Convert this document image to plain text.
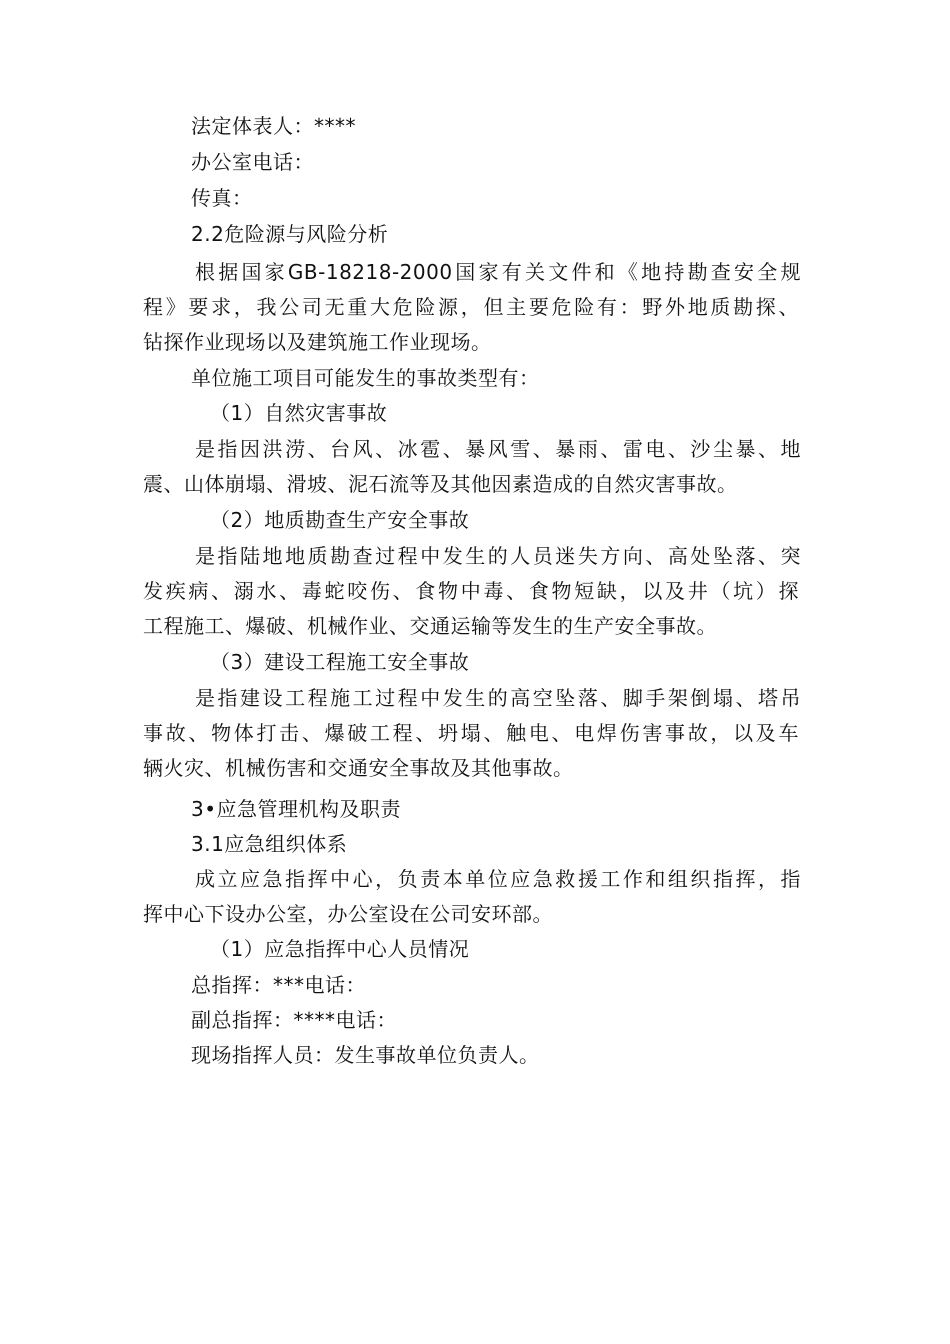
法定体表人：****
办公室电话：
传真：
2.2危险源与风险分析
根据国家GB-18218-2000国家有关文件和《地持勘查安全规
程》要求，我公司无重大危险源，但主要危险有：野外地质勘探、
钻探作业现场以及建筑施工作业现场。
单位施工项目可能发生的事故类型有：
（1）自然灾害事故
是指因洪涝、台风、冰雹、暴风雪、暴雨、雷电、沙尘暴、地
震、山体崩塌、滑坡、泥石流等及其他因素造成的自然灾害事故。
（2）地质勘查生产安全事故
是指陆地地质勘查过程中发生的人员迷失方向、高处坠落、突
发疾病、溺水、毒蛇咬伤、食物中毒、食物短缺，以及井（坑）探
工程施工、爆破、机械作业、交通运输等发生的生产安全事故。
（3）建设工程施工安全事故
是指建设工程施工过程中发生的高空坠落、脚手架倒塌、塔吊
事故、物体打击、爆破工程、坍塌、触电、电焊伤害事故，以及车
辆火灾、机械伤害和交通安全事故及其他事故。
3•应急管理机构及职责
3.1应急组织体系
成立应急指挥中心，负责本单位应急救援工作和组织指挥，指
挥中心下设办公室，办公室设在公司安环部。
（1）应急指挥中心人员情况
总指挥：***电话：
副总指挥：****电话：
现场指挥人员：发生事故单位负责人。
